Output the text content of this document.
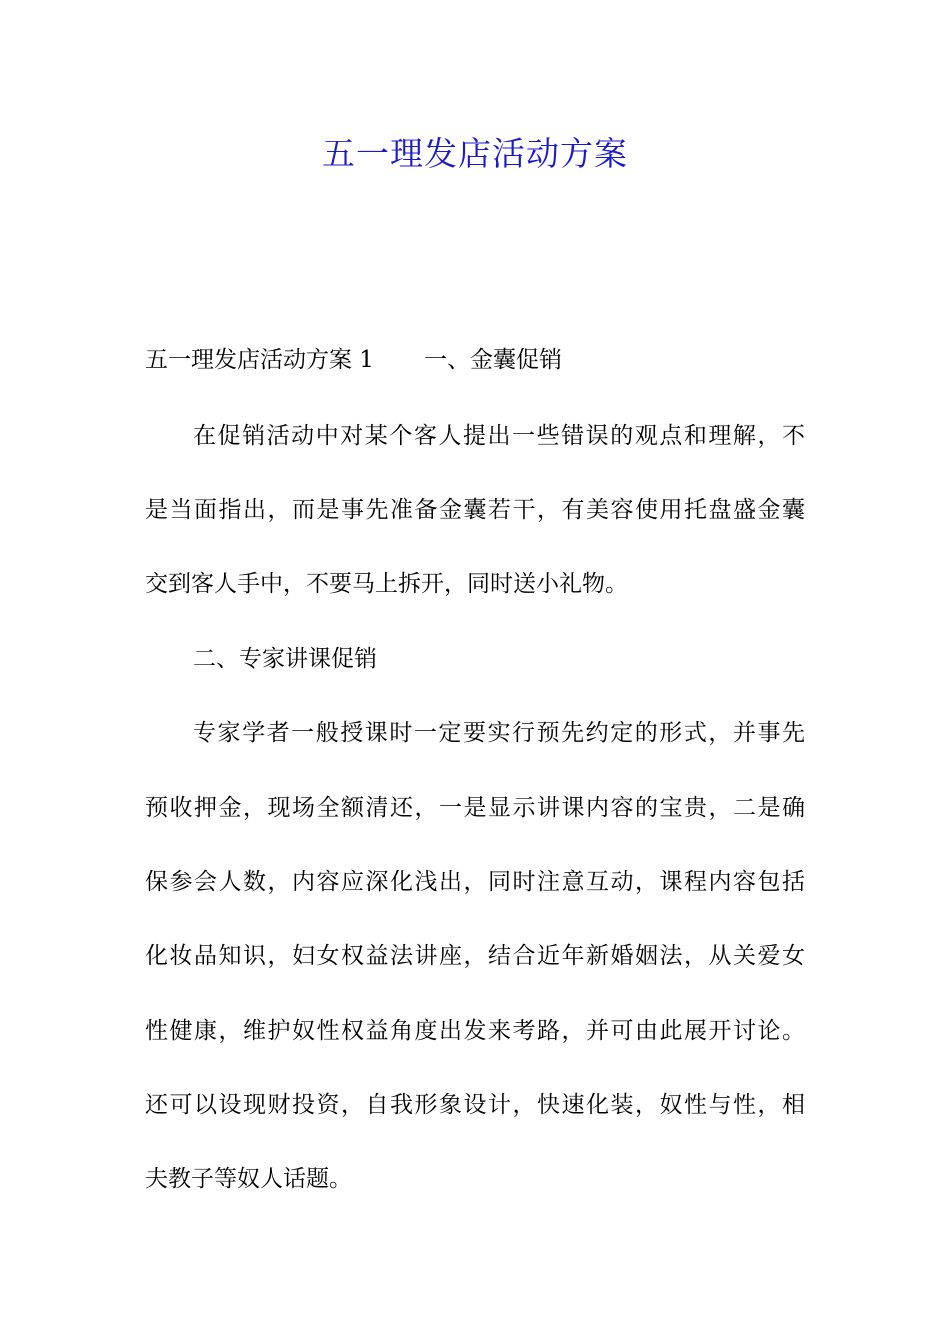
五一理发店活动方案

五一理发店活动方案 1 一、金囊促销

在促销活动中对某个客人提出一些错误的观点和理解，不

是当面指出，而是事先准备金囊若干，有美容使用托盘盛金囊

交到客人手中，不要马上拆开，同时送小礼物。

二、专家讲课促销

专家学者一般授课时一定要实行预先约定的形式，并事先

预收押金，现场全额清还，一是显示讲课内容的宝贵，二是确

保参会人数，内容应深化浅出，同时注意互动，课程内容包括

化妆品知识，妇女权益法讲座，结合近年新婚姻法，从关爱女

性健康，维护奴性权益角度出发来考路，并可由此展开讨论。

还可以设现财投资，自我形象设计，快速化装，奴性与性，相

夫教子等奴人话题。
